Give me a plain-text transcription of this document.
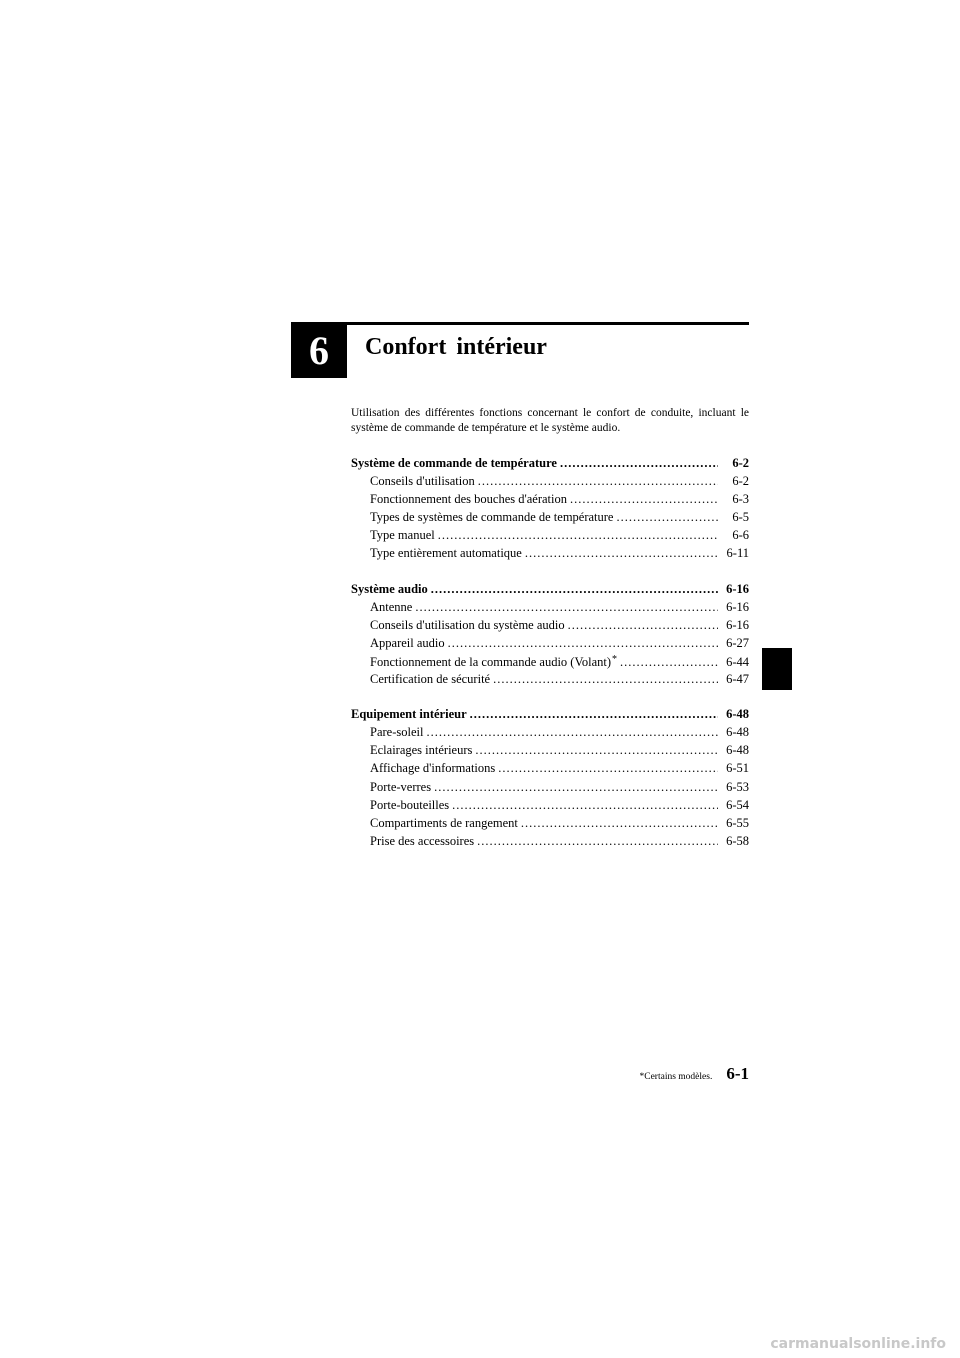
6	Confort intérieur
Utilisation des différentes fonctions concernant le confort de conduite, incluant le système de commande de température et le système audio.
Système de commande de température .....	6-2
Conseils d'utilisation .....	6-2
Fonctionnement des bouches d'aération .....	6-3
Types de systèmes de commande de température .....	6-5
Type manuel .....	6-6
Type entièrement automatique .....	6-11
Système audio .....	6-16
Antenne .....	6-16
Conseils d'utilisation du système audio .....	6-16
Appareil audio .....	6-27
Fonctionnement de la commande audio (Volant)* .....	6-44
Certification de sécurité .....	6-47
Equipement intérieur .....	6-48
Pare-soleil .....	6-48
Eclairages intérieurs .....	6-48
Affichage d'informations .....	6-51
Porte-verres .....	6-53
Porte-bouteilles .....	6-54
Compartiments de rangement .....	6-55
Prise des accessoires .....	6-58
*Certains modèles. 6-1
carmanualsonline.info
